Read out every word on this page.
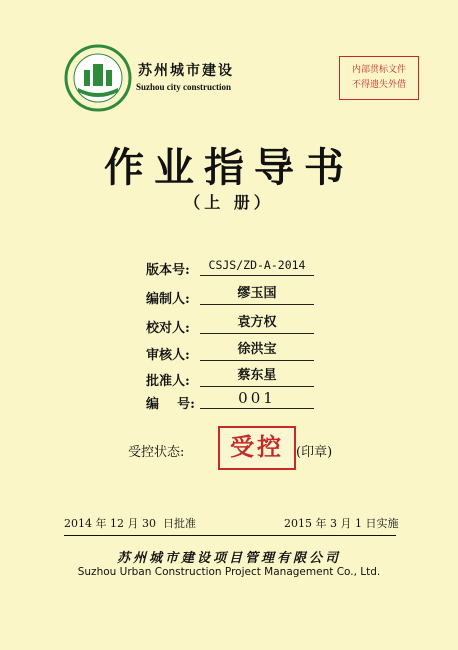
苏州城市建设
Suzhou city construction
内部贯标文件
不得遗失外借
作业指导书
（上 册）
版本号:	CSJS/ZD-A-2014
编制人:	缪玉国
校对人:	袁方权
审核人:	徐洪宝
批准人:	蔡东星
编    号:	001
受控状态:	受控 (印章)
2014 年 12 月 30  日批准	2015 年 3 月 1 日实施
苏州城市建设项目管理有限公司
Suzhou Urban Construction Project Management Co., Ltd.
